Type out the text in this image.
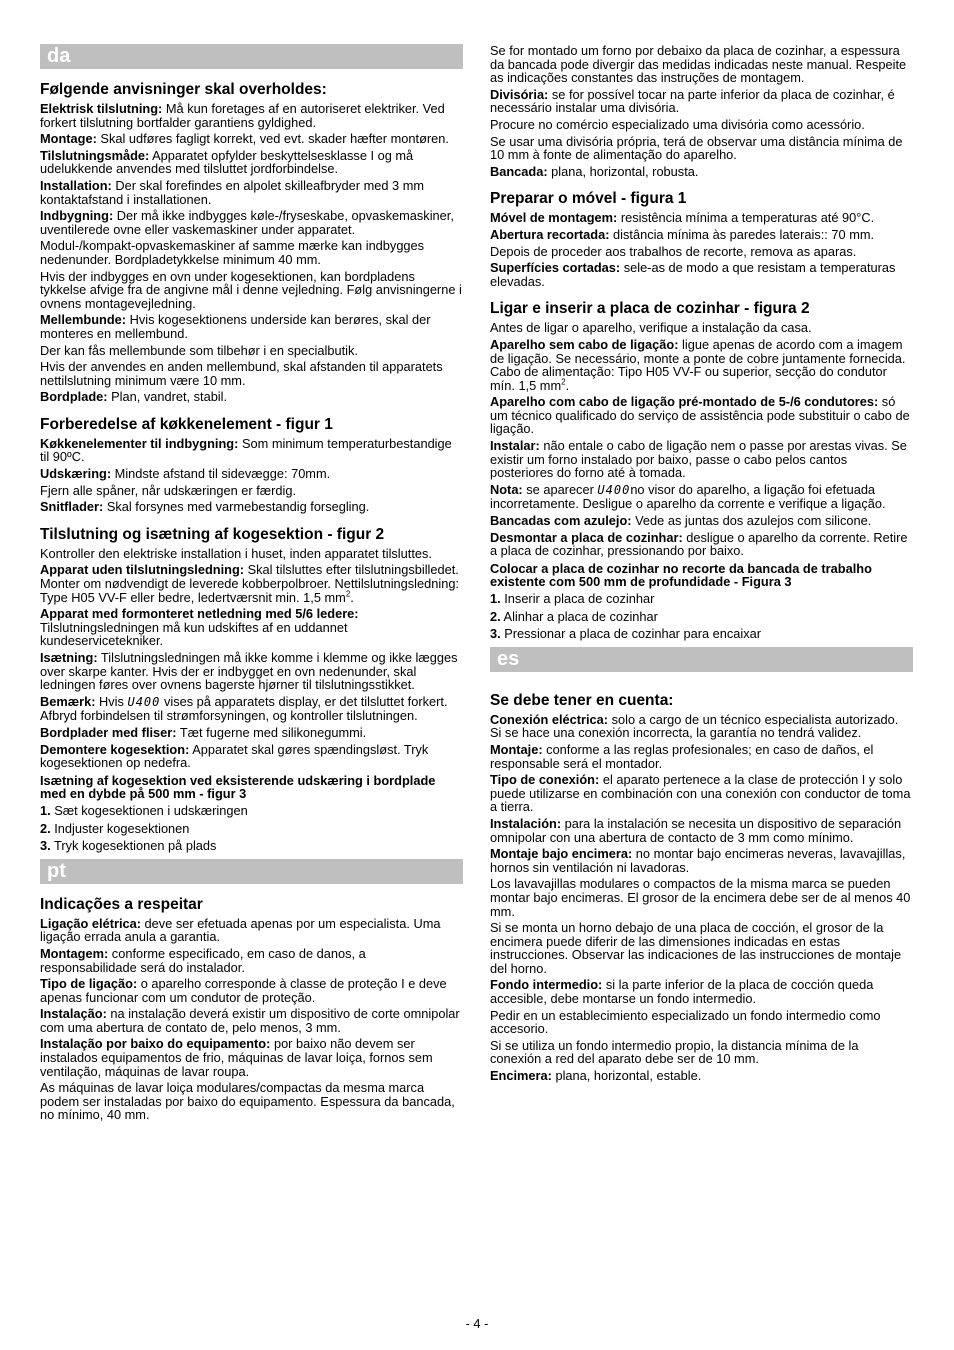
da
Følgende anvisninger skal overholdes:

Elektrisk tilslutning: Må kun foretages af en autoriseret elektriker. Ved forkert tilslutning bortfalder garantiens gyldighed.

Montage: Skal udføres fagligt korrekt, ved evt. skader hæfter montøren.

Tilslutningsmåde: Apparatet opfylder beskyttelsesklasse I og må udelukkende anvendes med tilsluttet jordforbindelse.

Installation: Der skal forefindes en alpolet skilleafbryder med 3 mm kontaktafstand i installationen.

Indbygning: Der må ikke indbygges køle-/fryseskabe, opvaskemaskiner, uventilerede ovne eller vaskemaskiner under apparatet.

Modul-/kompakt-opvaskemaskiner af samme mærke kan indbygges nedenunder. Bordpladetykkelse minimum 40 mm.

Hvis der indbygges en ovn under kogesektionen, kan bordpladens tykkelse afvige fra de angivne mål i denne vejledning. Følg anvisningerne i ovnens montagevejledning.

Mellembunde: Hvis kogesektionens underside kan berøres, skal der monteres en mellembund.

Der kan fås mellembunde som tilbehør i en specialbutik.

Hvis der anvendes en anden mellembund, skal afstanden til apparatets nettilslutning minimum være 10 mm.

Bordplade: Plan, vandret, stabil.

Forberedelse af køkkenelement - figur 1

Køkkenelementer til indbygning: Som minimum temperaturbestandige til 90ºC.

Udskæring: Mindste afstand til sidevægge: 70mm.

Fjern alle spåner, når udskæringen er færdig.

Snitflader: Skal forsynes med varmebestandig forsegling.

Tilslutning og isætning af kogesektion - figur 2

Kontroller den elektriske installation i huset, inden apparatet tilsluttes.

Apparat uden tilslutningsledning: Skal tilsluttes efter tilslutningsbilledet. Monter om nødvendigt de leverede kobberpolbroer. Nettilslutningsledning: Type H05 VV-F eller bedre, ledertværsnit min. 1,5 $mm^2$.

Apparat med formonteret netledning med 5/6 ledere: Tilslutningsledningen må kun udskiftes af en uddannet kundeservicetekniker.

Isætning: Tilslutningsledningen må ikke komme i klemme og ikke lægges over skarpe kanter. Hvis der er indbygget en ovn nedenunder, skal ledningen føres over ovnens bagerste hjørner til tilslutningsstikket.

Bemærk: Hvis U400 vises på apparatets display, er det tilsluttet forkert. Afbryd forbindelsen til strømforsyningen, og kontroller tilslutningen.

Bordplader med fliser: Tæt fugerne med silikonegummi.

Demontere kogesektion: Apparatet skal gøres spændingsløst. Tryk kogesektionen op nedefra.

Isætning af kogesektion ved eksisterende udskæring i bordplade med en dybde på 500 mm - figur 3

1. Sæt kogesektionen i udskæringen
2. Indjuster kogesektionen
3. Tryk kogesektionen på plads
pt
Indicações a respeitar

Ligação elétrica: deve ser efetuada apenas por um especialista. Uma ligação errada anula a garantia.

Montagem: conforme especificado, em caso de danos, a responsabilidade será do instalador.

Tipo de ligação: o aparelho corresponde à classe de proteção I e deve apenas funcionar com um condutor de proteção.

Instalação: na instalação deverá existir um dispositivo de corte omnipolar com uma abertura de contato de, pelo menos, 3 mm.

Instalação por baixo do equipamento: por baixo não devem ser instalados equipamentos de frio, máquinas de lavar loiça, fornos sem ventilação, máquinas de lavar roupa.

As máquinas de lavar loiça modulares/compactas da mesma marca podem ser instaladas por baixo do equipamento. Espessura da bancada, no mínimo, 40 mm.

Se for montado um forno por debaixo da placa de cozinhar, a espessura da bancada pode divergir das medidas indicadas neste manual. Respeite as indicações constantes das instruções de montagem.

Divisória: se for possível tocar na parte inferior da placa de cozinhar, é necessário instalar uma divisória.

Procure no comércio especializado uma divisória como acessório.

Se usar uma divisória própria, terá de observar uma distância mínima de 10 mm à fonte de alimentação do aparelho.

Bancada: plana, horizontal, robusta.

Preparar o móvel - figura 1

Móvel de montagem: resistência mínima a temperaturas até 90°C.

Abertura recortada: distância mínima às paredes laterais:: 70 mm.

Depois de proceder aos trabalhos de recorte, remova as aparas.

Superfícies cortadas: sele-as de modo a que resistam a temperaturas elevadas.

Ligar e inserir a placa de cozinhar - figura 2

Antes de ligar o aparelho, verifique a instalação da casa.

Aparelho sem cabo de ligação: ligue apenas de acordo com a imagem de ligação. Se necessário, monte a ponte de cobre juntamente fornecida. Cabo de alimentação: Tipo H05 VV-F ou superior, secção do condutor mín. 1,5 $mm^2$.

Aparelho com cabo de ligação pré-montado de 5-/6 condutores: só um técnico qualificado do serviço de assistência pode substituir o cabo de ligação.

Instalar: não entale o cabo de ligação nem o passe por arestas vivas. Se existir um forno instalado por baixo, passe o cabo pelos cantos posteriores do forno até à tomada.

Nota: se aparecer U400no visor do aparelho, a ligação foi efetuada incorretamente. Desligue o aparelho da corrente e verifique a ligação.

Bancadas com azulejo: Vede as juntas dos azulejos com silicone.

Desmontar a placa de cozinhar: desligue o aparelho da corrente. Retire a placa de cozinhar, pressionando por baixo.

Colocar a placa de cozinhar no recorte da bancada de trabalho existente com 500 mm de profundidade - Figura 3

1. Inserir a placa de cozinhar
2. Alinhar a placa de cozinhar
3. Pressionar a placa de cozinhar para encaixar
es
Se debe tener en cuenta:

Conexión eléctrica: solo a cargo de un técnico especialista autorizado. Si se hace una conexión incorrecta, la garantía no tendrá validez.

Montaje: conforme a las reglas profesionales; en caso de daños, el responsable será el montador.

Tipo de conexión: el aparato pertenece a la clase de protección I y solo puede utilizarse en combinación con una conexión con conductor de toma a tierra.

Instalación: para la instalación se necesita un dispositivo de separación omnipolar con una abertura de contacto de 3 mm como mínimo.

Montaje bajo encimera: no montar bajo encimeras neveras, lavavajillas, hornos sin ventilación ni lavadoras.

Los lavavajillas modulares o compactos de la misma marca se pueden montar bajo encimeras. El grosor de la encimera debe ser de al menos 40 mm.

Si se monta un horno debajo de una placa de cocción, el grosor de la encimera puede diferir de las dimensiones indicadas en estas instrucciones. Observar las indicaciones de las instrucciones de montaje del horno.

Fondo intermedio: si la parte inferior de la placa de cocción queda accesible, debe montarse un fondo intermedio.

Pedir en un establecimiento especializado un fondo intermedio como accesorio.

Si se utiliza un fondo intermedio propio, la distancia mínima de la conexión a red del aparato debe ser de 10 mm.

Encimera: plana, horizontal, estable.

- 4 -
